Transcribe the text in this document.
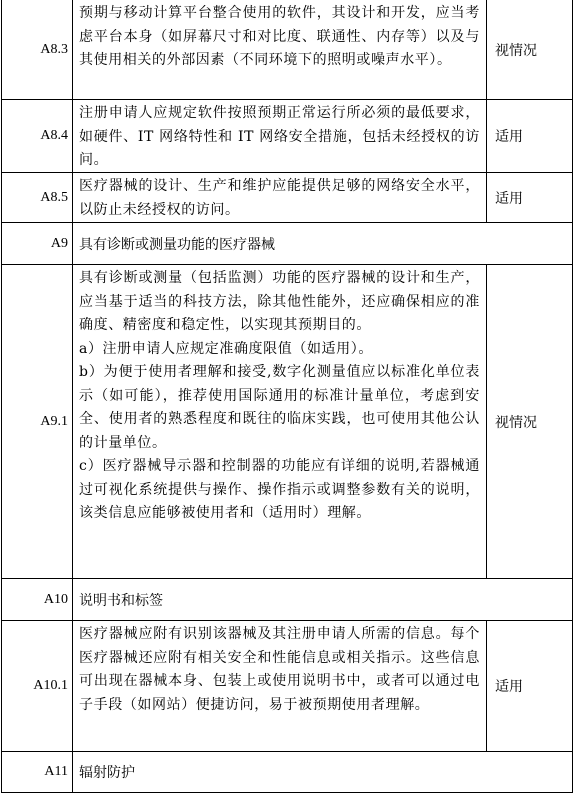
A8.3

预期与移动计算平台整合使用的软件，其设计和开发，应当考虑平台本身（如屏幕尺寸和对比度、联通性、内存等）以及与其使用相关的外部因素（不同环境下的照明或噪声水平）。

视情况
A8.4

注册申请人应规定软件按照预期正常运行所必须的最低要求，如硬件、IT 网络特性和 IT 网络安全措施，包括未经授权的访问。

适用
A8.5

医疗器械的设计、生产和维护应能提供足够的网络安全水平，以防止未经授权的访问。

适用
A9 具有诊断或测量功能的医疗器械
A9.1

具有诊断或测量（包括监测）功能的医疗器械的设计和生产，应当基于适当的科技方法，除其他性能外，还应确保相应的准确度、精密度和稳定性，以实现其预期目的。

a）注册申请人应规定准确度限值（如适用）。

b）为便于使用者理解和接受,数字化测量值应以标准化单位表示（如可能），推荐使用国际通用的标准计量单位，考虑到安全、使用者的熟悉程度和既往的临床实践，也可使用其他公认的计量单位。

c）医疗器械导示器和控制器的功能应有详细的说明,若器械通过可视化系统提供与操作、操作指示或调整参数有关的说明，该类信息应能够被使用者和（适用时）理解。

视情况
A10 说明书和标签
A10.1

医疗器械应附有识别该器械及其注册申请人所需的信息。每个医疗器械还应附有相关安全和性能信息或相关指示。这些信息可出现在器械本身、包装上或使用说明书中，或者可以通过电子手段（如网站）便捷访问，易于被预期使用者理解。

适用
A11 辐射防护
